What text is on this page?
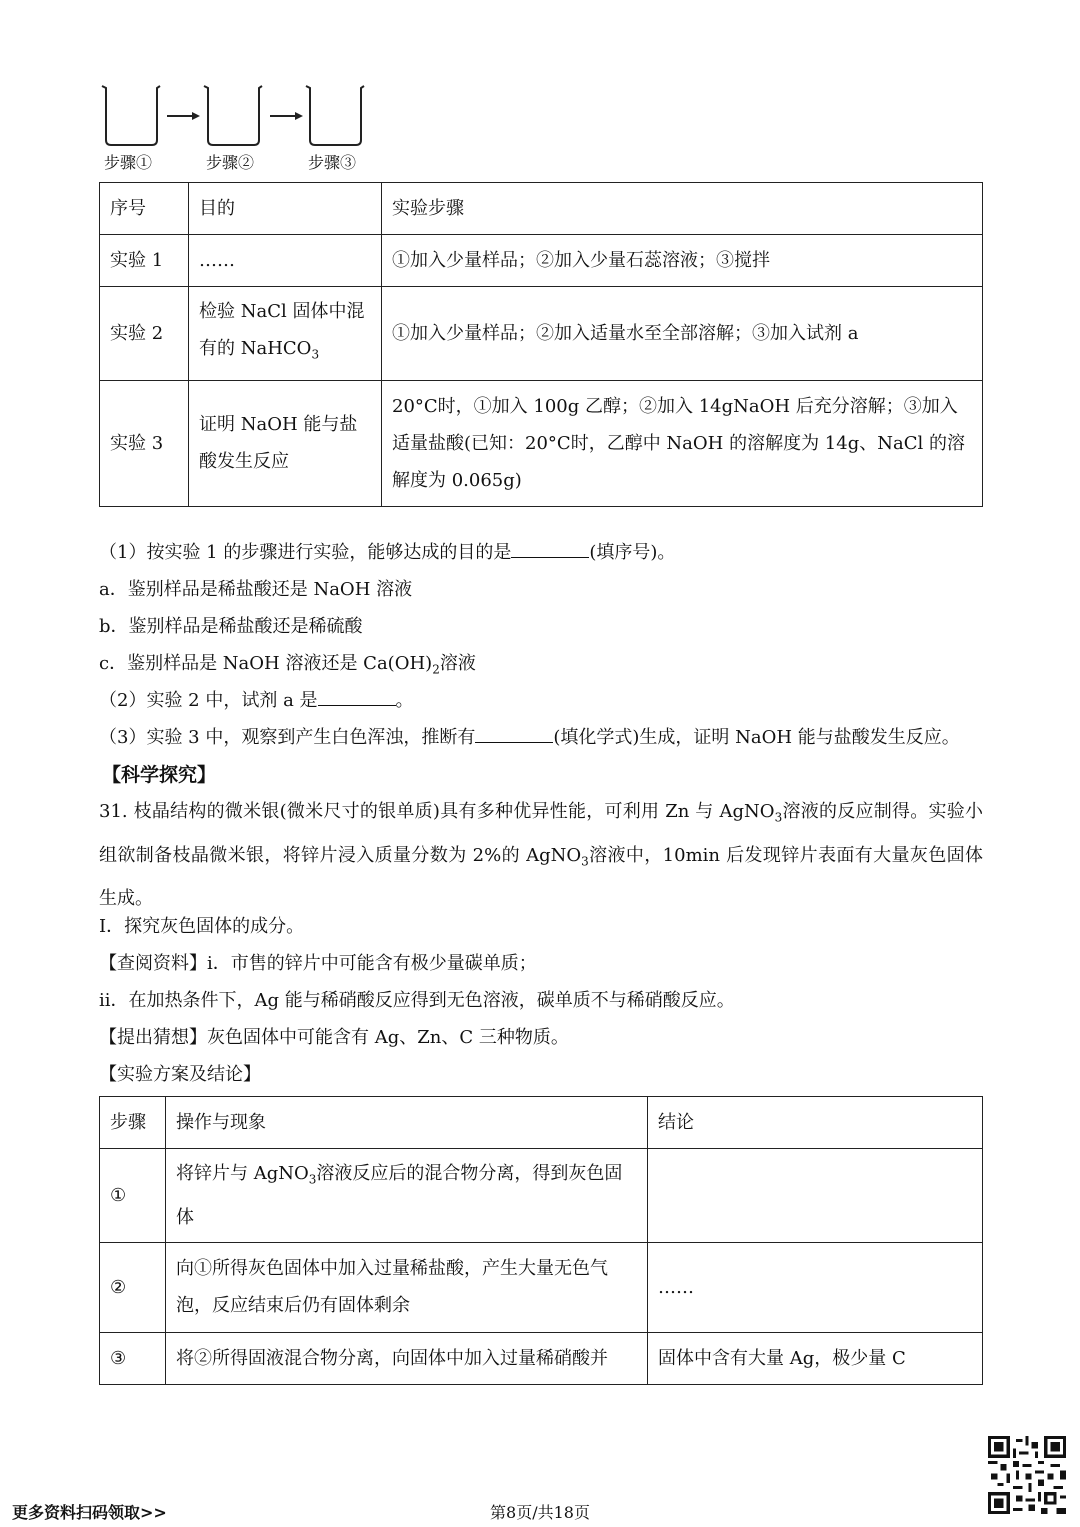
步骤①	步骤②	步骤③
序号	目的	实验步骤
实验 1	……	①加入少量样品；②加入少量石蕊溶液；③搅拌
实验 2	检验 NaCl 固体中混有的 NaHCO$_3$	①加入少量样品；②加入适量水至全部溶解；③加入试剂 a
实验 3	证明 NaOH 能与盐酸发生反应	20°C时，①加入 100g 乙醇；②加入 14gNaOH 后充分溶解；③加入适量盐酸(已知：20°C时，乙醇中 NaOH 的溶解度为 14g、NaCl 的溶解度为 0.065g)
（1）按实验 1 的步骤进行实验，能够达成的目的是	(填序号)。
a．鉴别样品是稀盐酸还是 NaOH 溶液
b．鉴别样品是稀盐酸还是稀硫酸
c．鉴别样品是 NaOH 溶液还是 $Ca(OH)_2$溶液
（2）实验 2 中，试剂 a 是	。
（3）实验 3 中，观察到产生白色浑浊，推断有	(填化学式)生成，证明 NaOH 能与盐酸发生反应。
【科学探究】
31. 枝晶结构的微米银(微米尺寸的银单质)具有多种优异性能，可利用 Zn 与 AgNO$_3$溶液的反应制得。实验小组欲制备枝晶微米银，将锌片浸入质量分数为 2%的 AgNO$_3$溶液中，10min 后发现锌片表面有大量灰色固体生成。
I．探究灰色固体的成分。
【查阅资料】i．市售的锌片中可能含有极少量碳单质；
ii．在加热条件下，Ag 能与稀硝酸反应得到无色溶液，碳单质不与稀硝酸反应。
【提出猜想】灰色固体中可能含有 Ag、Zn、C 三种物质。
【实验方案及结论】
步骤	操作与现象	结论
①	将锌片与 AgNO$_3$溶液反应后的混合物分离，得到灰色固体	
②	向①所得灰色固体中加入过量稀盐酸，产生大量无色气泡，反应结束后仍有固体剩余	……
③	将②所得固液混合物分离，向固体中加入过量稀硝酸并	固体中含有大量 Ag，极少量 C
更多资料扫码领取>>	第8页/共18页
